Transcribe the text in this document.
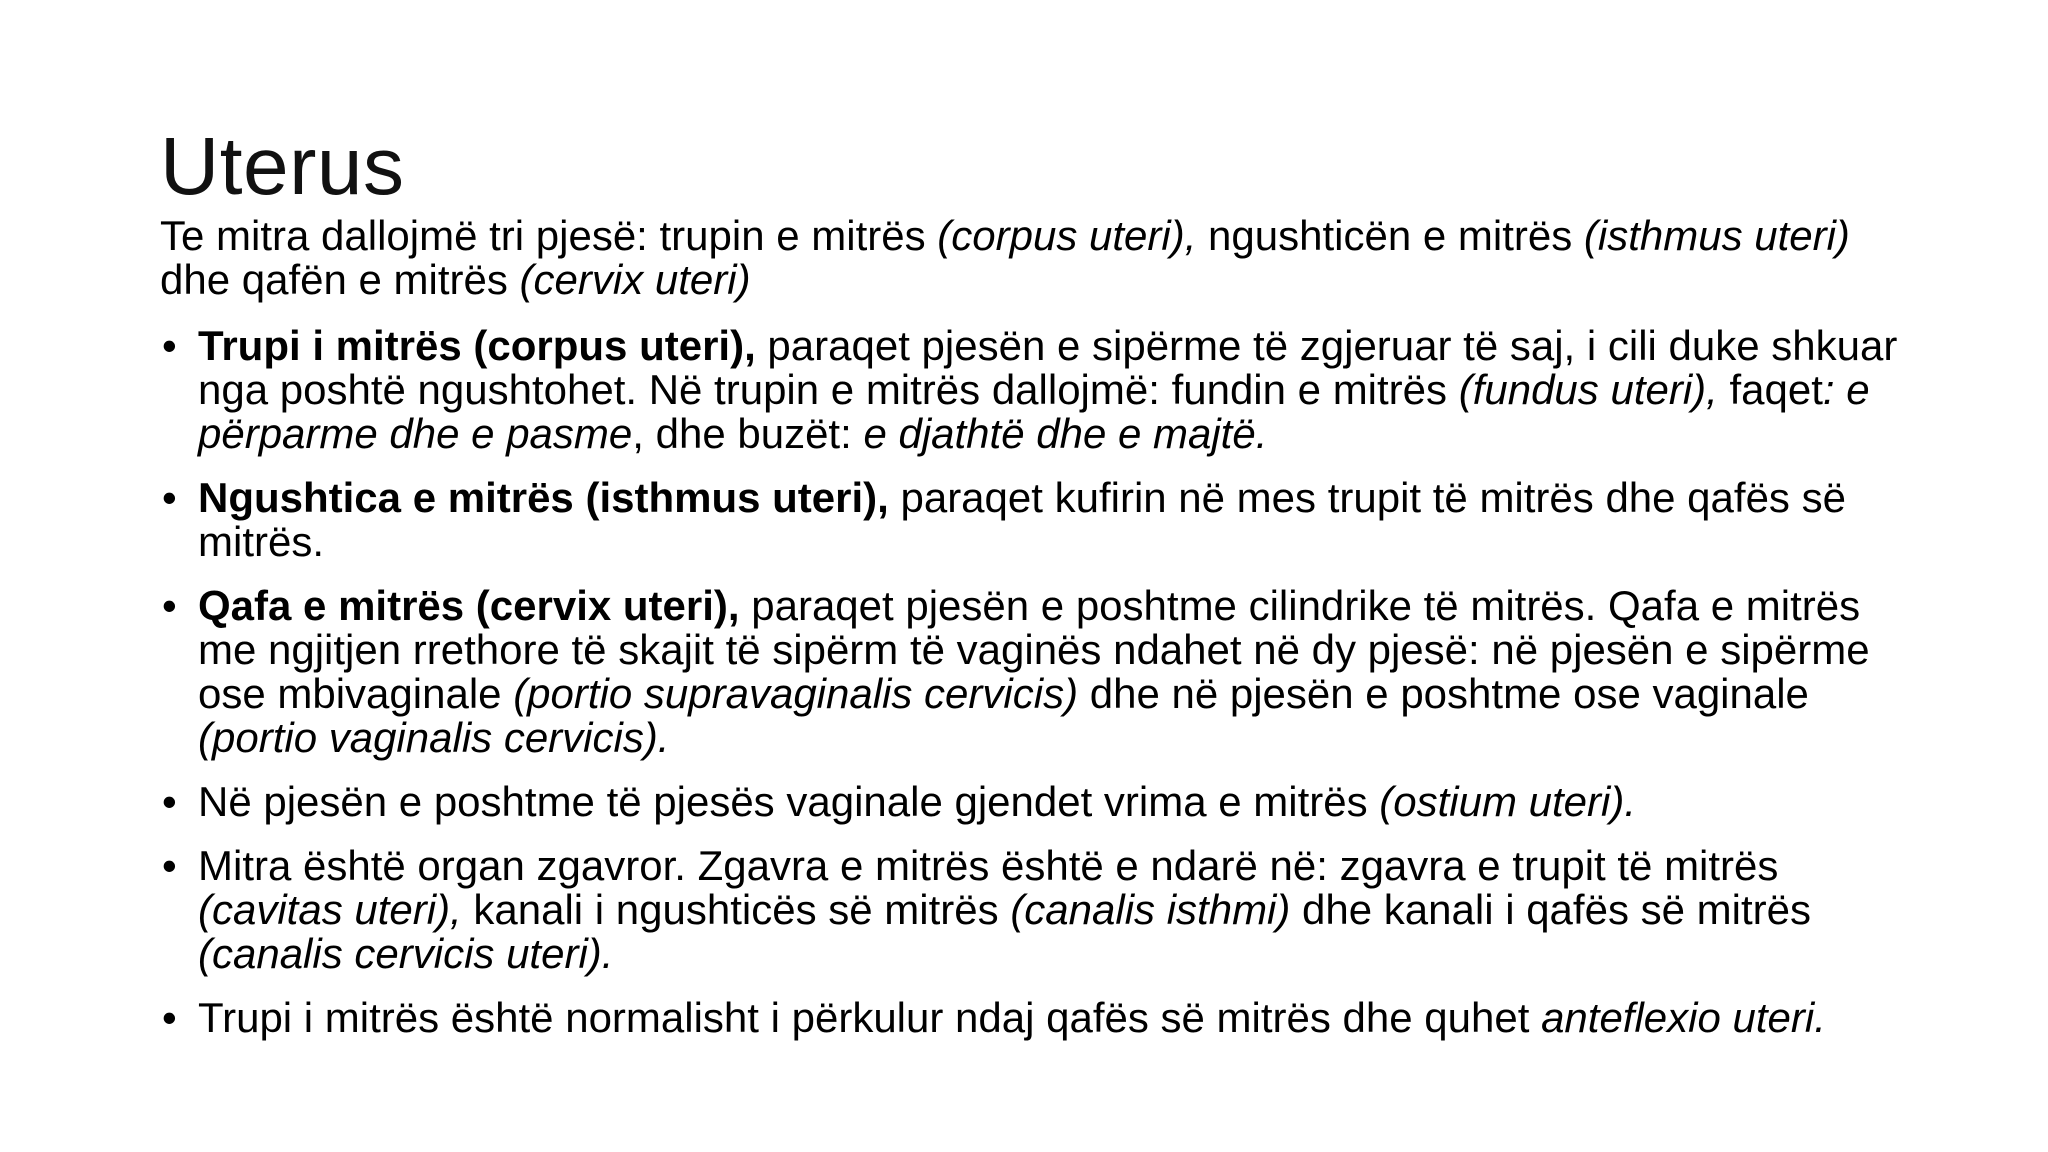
Uterus

Te mitra dallojmë tri pjesë: trupin e mitrës (corpus uteri), ngushticën e mitrës (isthmus uteri) dhe qafën e mitrës (cervix uteri)

• Trupi i mitrës (corpus uteri), paraqet pjesën e sipërme të zgjeruar të saj, i cili duke shkuar nga poshtë ngushtohet. Në trupin e mitrës dallojmë: fundin e mitrës (fundus uteri), faqet: e përparme dhe e pasme, dhe buzët: e djathtë dhe e majtë.
• Ngushtica e mitrës (isthmus uteri), paraqet kufirin në mes trupit të mitrës dhe qafës së mitrës.
• Qafa e mitrës (cervix uteri), paraqet pjesën e poshtme cilindrike të mitrës. Qafa e mitrës me ngjitjen rrethore të skajit të sipërm të vaginës ndahet në dy pjesë: në pjesën e sipërme ose mbivaginale (portio supravaginalis cervicis) dhe në pjesën e poshtme ose vaginale (portio vaginalis cervicis).
• Në pjesën e poshtme të pjesës vaginale gjendet vrima e mitrës (ostium uteri).
• Mitra është organ zgavror. Zgavra e mitrës është e ndarë në: zgavra e trupit të mitrës (cavitas uteri), kanali i ngushticës së mitrës (canalis isthmi) dhe kanali i qafës së mitrës (canalis cervicis uteri).
• Trupi i mitrës është normalisht i përkulur ndaj qafës së mitrës dhe quhet anteflexio uteri.
